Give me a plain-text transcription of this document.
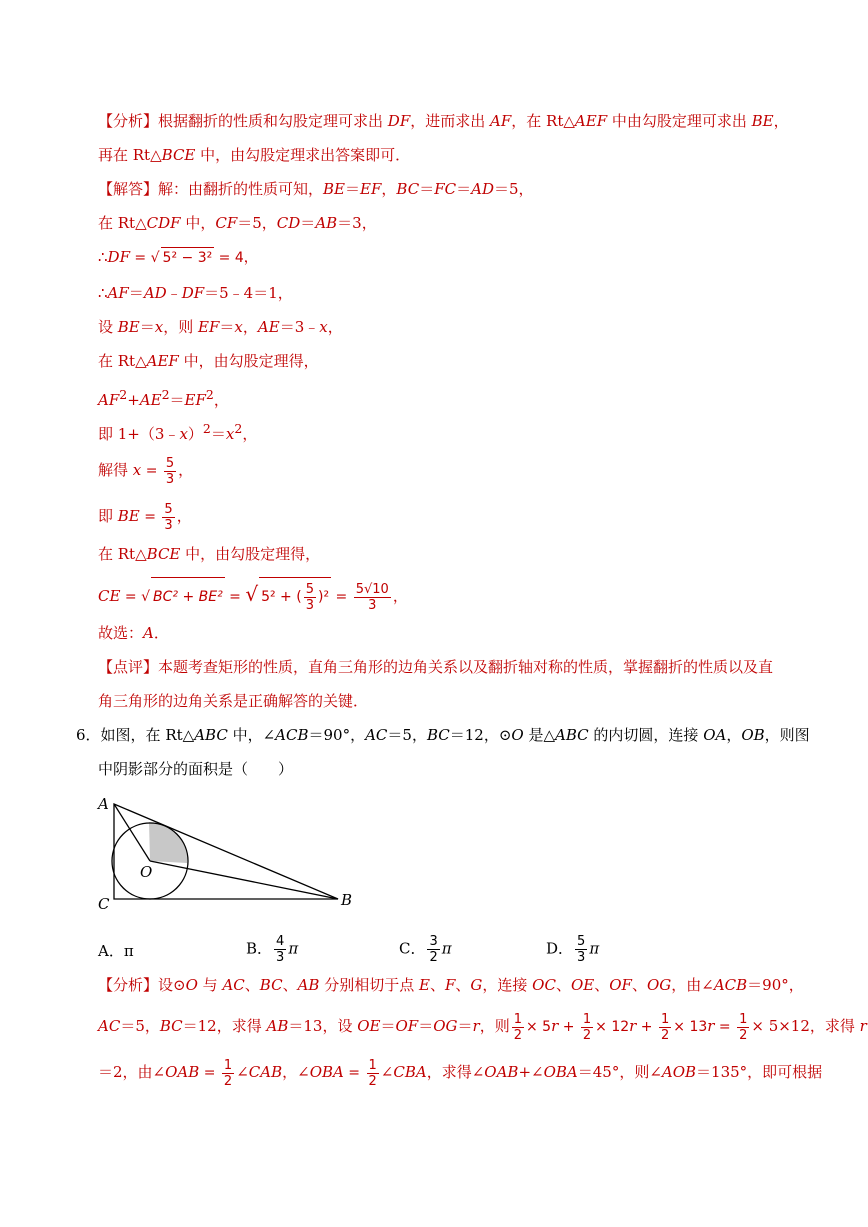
【分析】根据翻折的性质和勾股定理可求出 DF，进而求出 AF，在 Rt△AEF 中由勾股定理可求出 BE，
再在 Rt△BCE 中，由勾股定理求出答案即可．
【解答】解：由翻折的性质可知，BE＝EF，BC＝FC＝AD＝5，
在 Rt△CDF 中，CF＝5，CD＝AB＝3，
∴DF = √ 5² − 3² = 4，
∴AF＝AD﹣DF＝5﹣4＝1，
设 BE＝x，则 EF＝x，AE＝3﹣x，
在 Rt△AEF 中，由勾股定理得，
$AF^2+AE^2=EF^2$，
即 $1+(3﹣x)^2=x^2$，
解得 $x = \frac{5}{3}$ ，
即 BE = $\frac{5}{3}$ ，
在 Rt△BCE 中，由勾股定理得，
CE = √ BC² + BE² = √ 5² + ( $\frac{5}{3} )^2 = \frac{5√10}{3}$ ，
故选：A．
【点评】本题考查矩形的性质，直角三角形的边角关系以及翻折轴对称的性质，掌握翻折的性质以及直
角三角形的边角关系是正确解答的关键．
6．如图，在 Rt△ABC 中，∠ACB＝90°，AC＝5，BC＝12，⊙O 是△ABC 的内切圆，连接 OA，OB，则图
中阴影部分的面积是（　　）
A
C	B
O
A．π	B． $\frac{4}{3}$ π	C． $\frac{3}{2}$ π	D． $\frac{5}{3}$ π
【分析】设⊙O 与 AC、BC、AB 分别相切于点 E、F、G，连接 OC、OE、OF、OG，由∠ACB＝90°，
AC＝5，BC＝12，求得 AB＝13，设 OE＝OF＝OG＝r，则 $\frac{1}{2} \times 5r + \frac{1}{2} \times 12r + \frac{1}{2} \times 13r = \frac{1}{2} \times 5\times 12$，求得 r
＝2，由∠OAB = $\frac{1}{2}$ ∠CAB，∠OBA = $\frac{1}{2}$ ∠CBA，求得∠OAB+∠OBA＝45°，则∠AOB＝135°，即可根据
